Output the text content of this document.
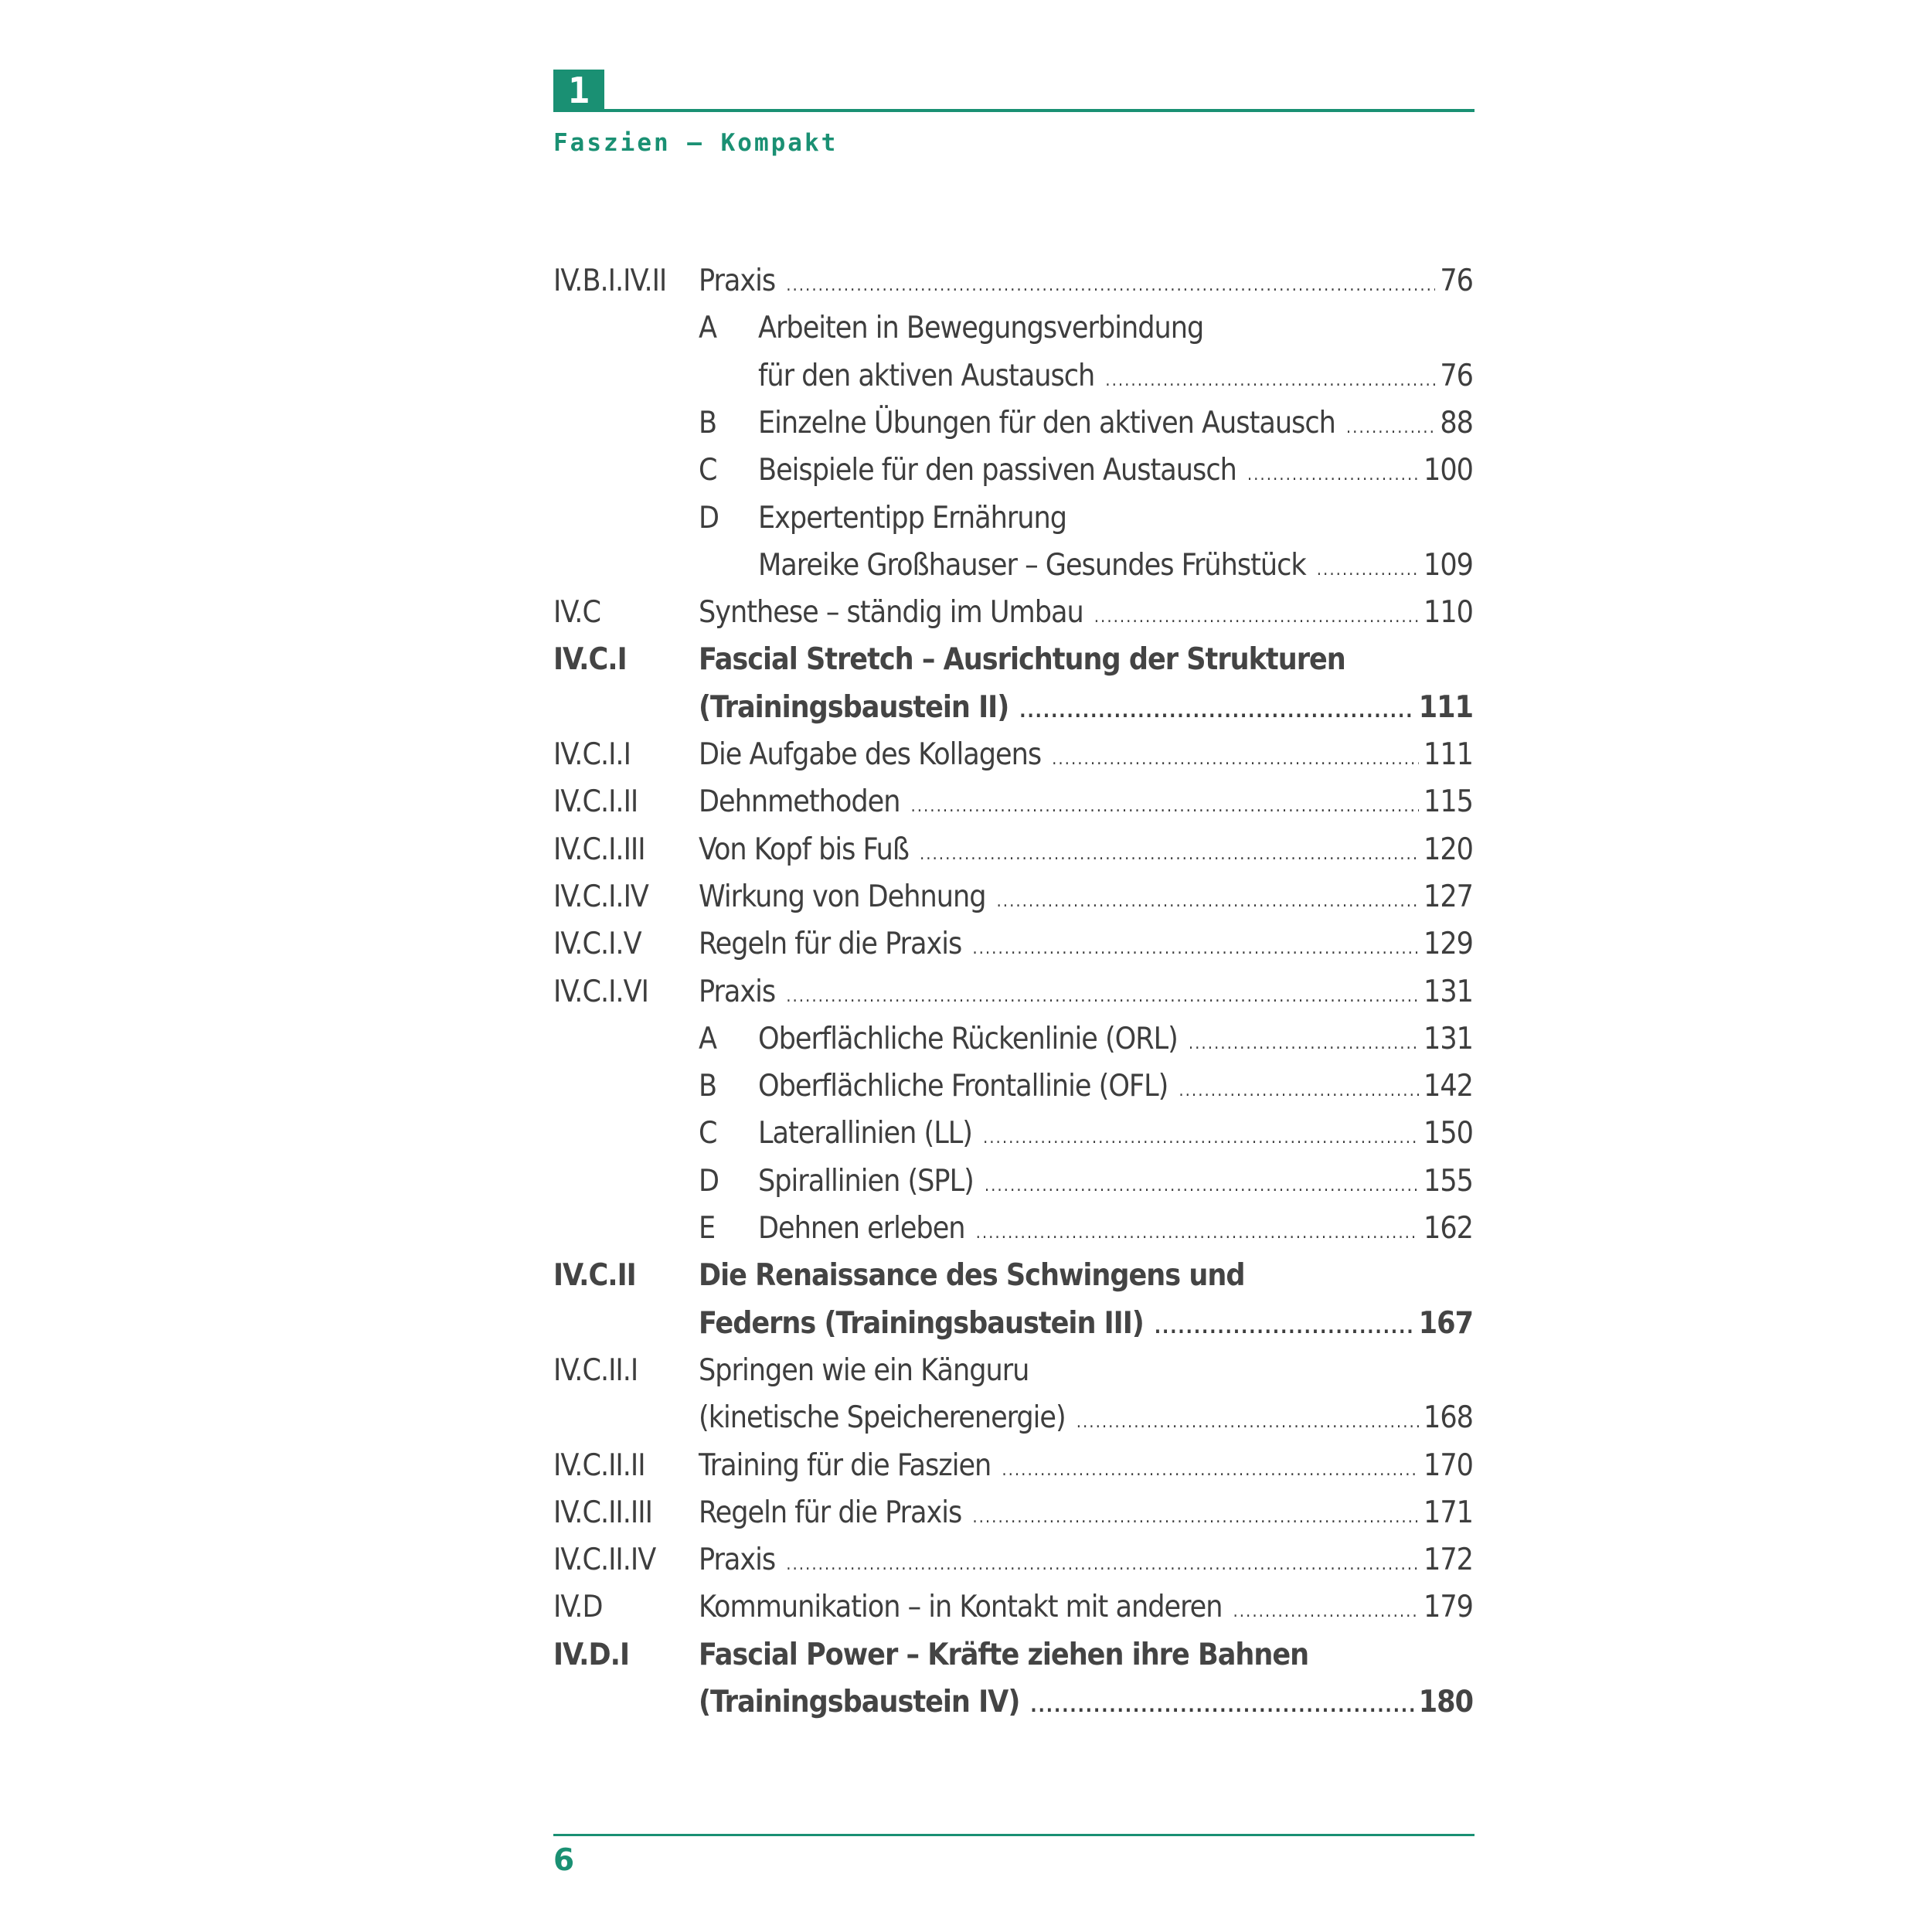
1
Faszien – Kompakt
IV.B.I.IV.II Praxis .....	76
A Arbeiten in Bewegungsverbindung
für den aktiven Austausch .....	76
B Einzelne Übungen für den aktiven Austausch .....	88
C Beispiele für den passiven Austausch .....	100
D Expertentipp Ernährung
Mareike Großhauser – Gesundes Frühstück .....	109
IV.C	Synthese – ständig im Umbau .....	110
IV.C.I Fascial Stretch – Ausrichtung der Strukturen
(Trainingsbaustein II) .....	111
IV.C.I.I Die Aufgabe des Kollagens .....	111
IV.C.I.II Dehnmethoden .....	115
IV.C.I.III Von Kopf bis Fuß .....	120
IV.C.I.IV Wirkung von Dehnung .....	127
IV.C.I.V Regeln für die Praxis .....	129
IV.C.I.VI Praxis .....	131
A Oberflächliche Rückenlinie (ORL) .....	131
B Oberflächliche Frontallinie (OFL) .....	142
C Laterallinien (LL) .....	150
D Spirallinien (SPL) .....	155
E Dehnen erleben .....	162
IV.C.II Die Renaissance des Schwingens und
Federns (Trainingsbaustein III) .....	167
IV.C.II.I Springen wie ein Känguru
(kinetische Speicherenergie) .....	168
IV.C.II.II Training für die Faszien .....	170
IV.C.II.III Regeln für die Praxis .....	171
IV.C.II.IV Praxis .....	172
IV.D	Kommunikation – in Kontakt mit anderen .....	179
IV.D.I Fascial Power – Kräfte ziehen ihre Bahnen
(Trainingsbaustein IV) .....	180
6
